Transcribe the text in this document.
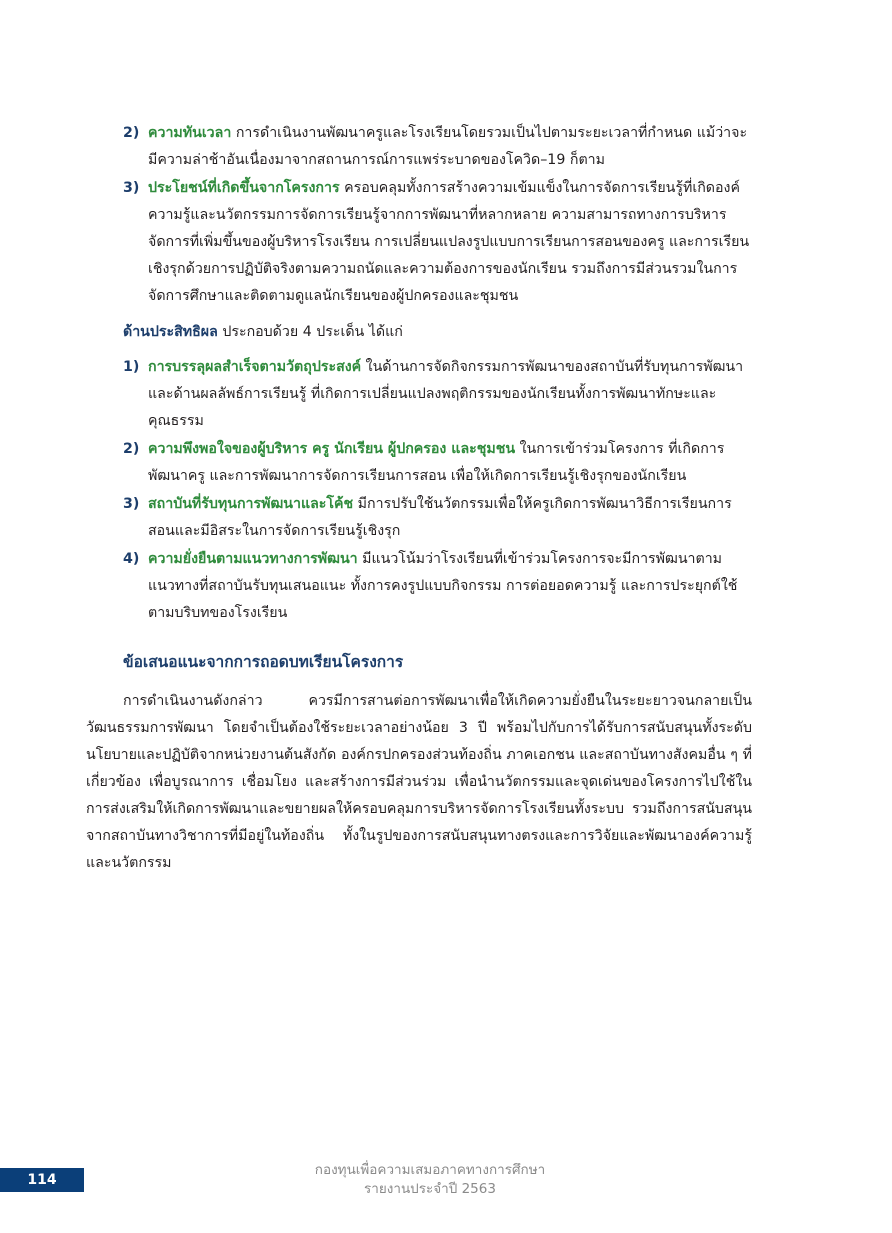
2) ความทันเวลา การดำเนินงานพัฒนาครูและโรงเรียนโดยรวมเป็นไปตามระยะเวลาที่กำหนด แม้ว่าจะมีความล่าช้าอันเนื่องมาจากสถานการณ์การแพร่ระบาดของโควิด–19 ก็ตาม
3) ประโยชน์ที่เกิดขึ้นจากโครงการ ครอบคลุมทั้งการสร้างความเข้มแข็งในการจัดการเรียนรู้ที่เกิดองค์ความรู้และนวัตกรรมการจัดการเรียนรู้จากการพัฒนาที่หลากหลาย ความสามารถทางการบริหารจัดการที่เพิ่มขึ้นของผู้บริหารโรงเรียน การเปลี่ยนแปลงรูปแบบการเรียนการสอนของครู และการเรียนเชิงรุกด้วยการปฏิบัติจริงตามความถนัดและความต้องการของนักเรียน รวมถึงการมีส่วนรวมในการจัดการศึกษาและติดตามดูแลนักเรียนของผู้ปกครองและชุมชน
ด้านประสิทธิผล ประกอบด้วย 4 ประเด็น ได้แก่
1) การบรรลุผลสำเร็จตามวัตถุประสงค์ ในด้านการจัดกิจกรรมการพัฒนาของสถาบันที่รับทุนการพัฒนา และด้านผลลัพธ์การเรียนรู้ ที่เกิดการเปลี่ยนแปลงพฤติกรรมของนักเรียนทั้งการพัฒนาทักษะและคุณธรรม
2) ความพึงพอใจของผู้บริหาร ครู นักเรียน ผู้ปกครอง และชุมชน ในการเข้าร่วมโครงการ ที่เกิดการพัฒนาครู และการพัฒนาการจัดการเรียนการสอน เพื่อให้เกิดการเรียนรู้เชิงรุกของนักเรียน
3) สถาบันที่รับทุนการพัฒนาและโค้ช มีการปรับใช้นวัตกรรมเพื่อให้ครูเกิดการพัฒนาวิธีการเรียนการสอนและมีอิสระในการจัดการเรียนรู้เชิงรุก
4) ความยั่งยืนตามแนวทางการพัฒนา มีแนวโน้มว่าโรงเรียนที่เข้าร่วมโครงการจะมีการพัฒนาตามแนวทางที่สถาบันรับทุนเสนอแนะ ทั้งการคงรูปแบบกิจกรรม การต่อยอดความรู้ และการประยุกต์ใช้ตามบริบทของโรงเรียน
ข้อเสนอแนะจากการถอดบทเรียนโครงการ

การดำเนินงานดังกล่าว ควรมีการสานต่อการพัฒนาเพื่อให้เกิดความยั่งยืนในระยะยาวจนกลายเป็นวัฒนธรรมการพัฒนา โดยจำเป็นต้องใช้ระยะเวลาอย่างน้อย 3 ปี พร้อมไปกับการได้รับการสนับสนุนทั้งระดับนโยบายและปฏิบัติจากหน่วยงานต้นสังกัด องค์กรปกครองส่วนท้องถิ่น ภาคเอกชน และสถาบันทางสังคมอื่น ๆ ที่เกี่ยวข้อง เพื่อบูรณาการ เชื่อมโยง และสร้างการมีส่วนร่วม เพื่อนำนวัตกรรมและจุดเด่นของโครงการไปใช้ในการส่งเสริมให้เกิดการพัฒนาและขยายผลให้ครอบคลุมการบริหารจัดการโรงเรียนทั้งระบบ รวมถึงการสนับสนุนจากสถาบันทางวิชาการที่มีอยู่ในท้องถิ่น ทั้งในรูปของการสนับสนุนทางตรงและการวิจัยและพัฒนาองค์ความรู้และนวัตกรรม

114
กองทุนเพื่อความเสมอภาคทางการศึกษา
รายงานประจำปี 2563
